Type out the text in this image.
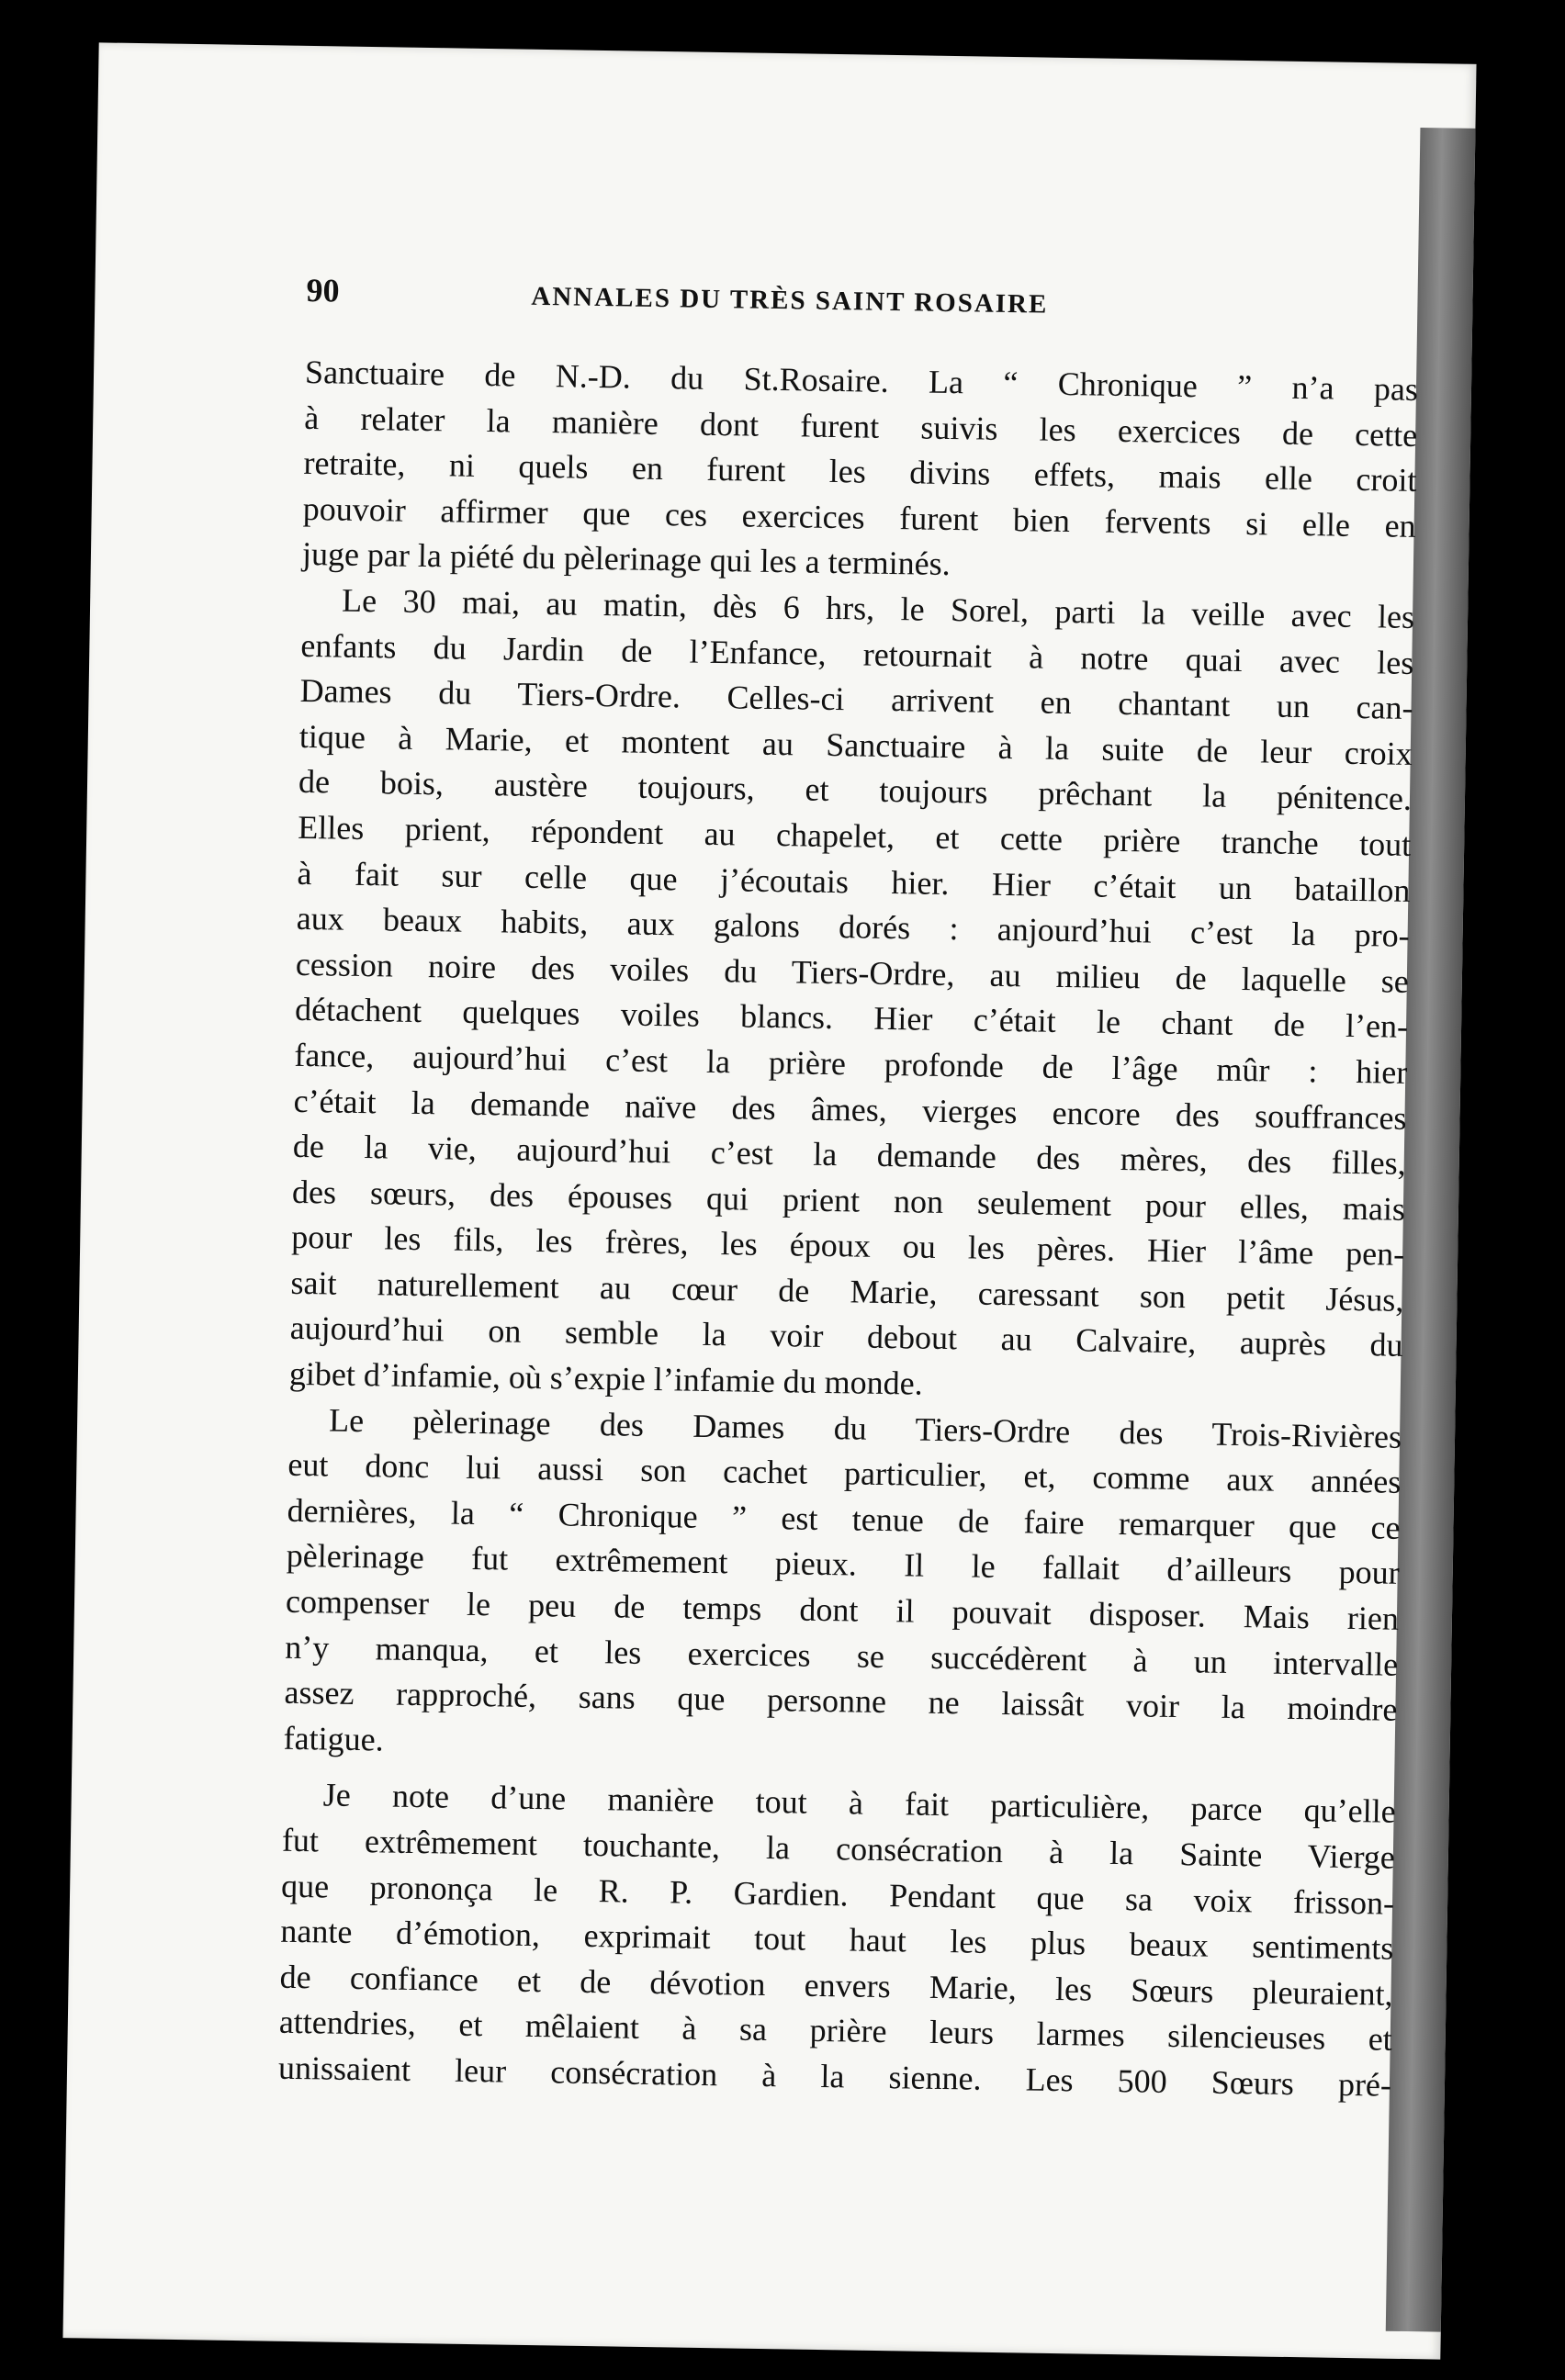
90	ANNALES DU TRÈS SAINT ROSAIRE
Sanctuaire de N.-D. du St.Rosaire. La “ Chronique ” n’a pas
à relater la manière dont furent suivis les exercices de cette
retraite, ni quels en furent les divins effets, mais elle croit
pouvoir affirmer que ces exercices furent bien fervents si elle en
juge par la piété du pèlerinage qui les a terminés.
Le 30 mai, au matin, dès 6 hrs, le Sorel, parti la veille avec les
enfants du Jardin de l’Enfance, retournait à notre quai avec les
Dames du Tiers-Ordre. Celles-ci arrivent en chantant un can-
tique à Marie, et montent au Sanctuaire à la suite de leur croix
de bois, austère toujours, et toujours prêchant la pénitence.
Elles prient, répondent au chapelet, et cette prière tranche tout
à fait sur celle que j’écoutais hier. Hier c’était un bataillon
aux beaux habits, aux galons dorés : anjourd’hui c’est la pro-
cession noire des voiles du Tiers-Ordre, au milieu de laquelle se
détachent quelques voiles blancs. Hier c’était le chant de l’en-
fance, aujourd’hui c’est la prière profonde de l’âge mûr : hier
c’était la demande naïve des âmes, vierges encore des souffrances
de la vie, aujourd’hui c’est la demande des mères, des filles,
des sœurs, des épouses qui prient non seulement pour elles, mais
pour les fils, les frères, les époux ou les pères. Hier l’âme pen-
sait naturellement au cœur de Marie, caressant son petit Jésus,
aujourd’hui on semble la voir debout au Calvaire, auprès du
gibet d’infamie, où s’expie l’infamie du monde.
Le pèlerinage des Dames du Tiers-Ordre des Trois-Rivières
eut donc lui aussi son cachet particulier, et, comme aux années
dernières, la “ Chronique ” est tenue de faire remarquer que ce
pèlerinage fut extrêmement pieux. Il le fallait d’ailleurs pour
compenser le peu de temps dont il pouvait disposer. Mais rien
n’y manqua, et les exercices se succédèrent à un intervalle
assez rapproché, sans que personne ne laissât voir la moindre
fatigue.
Je note d’une manière tout à fait particulière, parce qu’elle
fut extrêmement touchante, la consécration à la Sainte Vierge
que prononça le R. P. Gardien. Pendant que sa voix frisson-
nante d’émotion, exprimait tout haut les plus beaux sentiments
de confiance et de dévotion envers Marie, les Sœurs pleuraient,
attendries, et mêlaient à sa prière leurs larmes silencieuses et
unissaient leur consécration à la sienne. Les 500 Sœurs pré-
